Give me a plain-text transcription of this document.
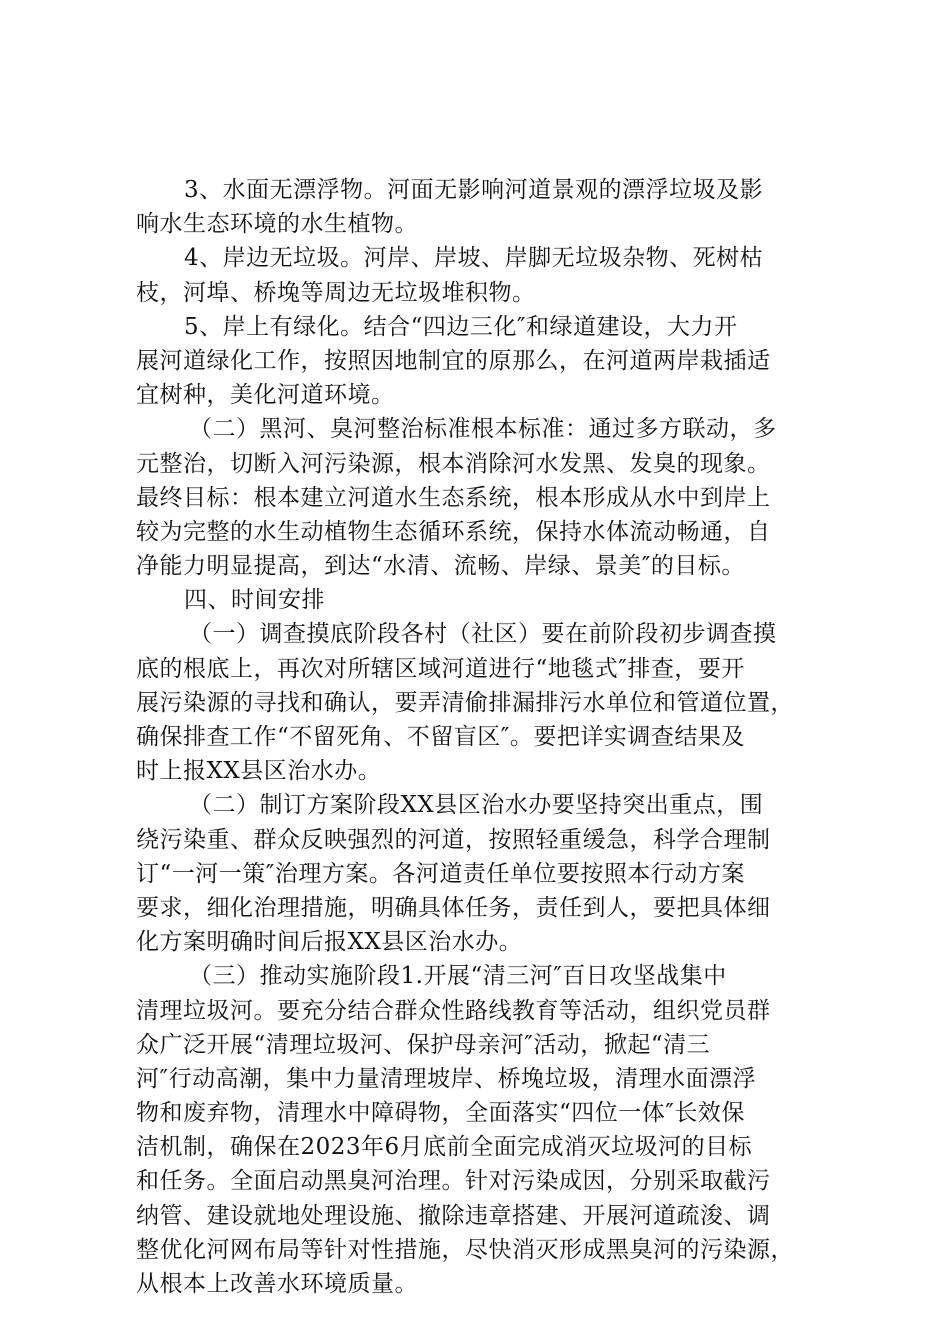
3、水面无漂浮物。河面无影响河道景观的漂浮垃圾及影
响水生态环境的水生植物。
4、岸边无垃圾。河岸、岸坡、岸脚无垃圾杂物、死树枯
枝，河埠、桥堍等周边无垃圾堆积物。
5、岸上有绿化。结合“四边三化″和绿道建设，大力开
展河道绿化工作，按照因地制宜的原那么，在河道两岸栽插适
宜树种，美化河道环境。
（二）黑河、臭河整治标准根本标准：通过多方联动，多
元整治，切断入河污染源，根本消除河水发黑、发臭的现象。
最终目标：根本建立河道水生态系统，根本形成从水中到岸上
较为完整的水生动植物生态循环系统，保持水体流动畅通，自
净能力明显提高，到达“水清、流畅、岸绿、景美″的目标。
四、时间安排
（一）调查摸底阶段各村（社区）要在前阶段初步调查摸
底的根底上，再次对所辖区域河道进行“地毯式″排查，要开
展污染源的寻找和确认，要弄清偷排漏排污水单位和管道位置，
确保排查工作“不留死角、不留盲区″。要把详实调查结果及
时上报XX县区治水办。
（二）制订方案阶段XX县区治水办要坚持突出重点，围
绕污染重、群众反映强烈的河道，按照轻重缓急，科学合理制
订“一河一策″治理方案。各河道责任单位要按照本行动方案
要求，细化治理措施，明确具体任务，责任到人，要把具体细
化方案明确时间后报XX县区治水办。
（三）推动实施阶段1.开展“清三河″百日攻坚战集中
清理垃圾河。要充分结合群众性路线教育等活动，组织党员群
众广泛开展“清理垃圾河、保护母亲河″活动，掀起“清三
河″行动高潮，集中力量清理坡岸、桥堍垃圾，清理水面漂浮
物和废弃物，清理水中障碍物，全面落实“四位一体″长效保
洁机制，确保在2023年6月底前全面完成消灭垃圾河的目标
和任务。全面启动黑臭河治理。针对污染成因，分别采取截污
纳管、建设就地处理设施、撤除违章搭建、开展河道疏浚、调
整优化河网布局等针对性措施，尽快消灭形成黑臭河的污染源，
从根本上改善水环境质量。
